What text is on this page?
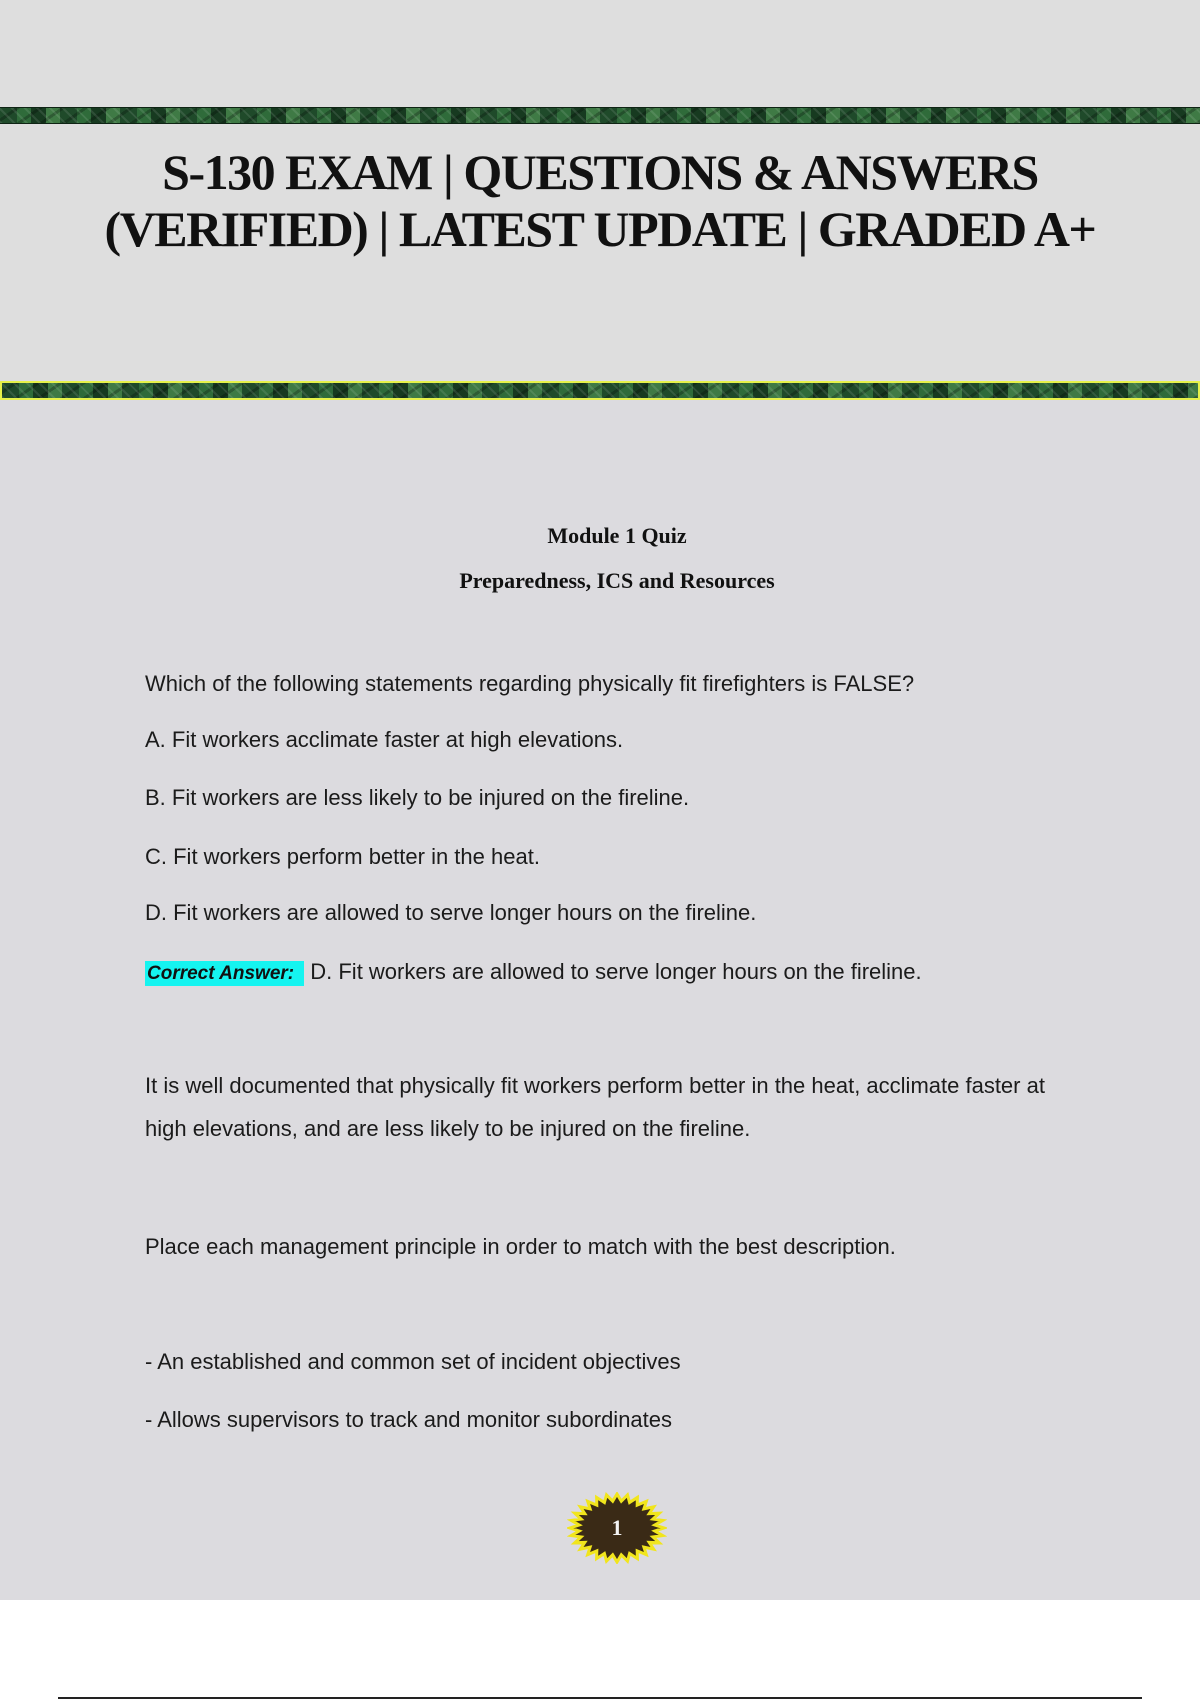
S-130 EXAM | QUESTIONS & ANSWERS (VERIFIED) | LATEST UPDATE | GRADED A+
Module 1 Quiz
Preparedness, ICS and Resources
Which of the following statements regarding physically fit firefighters is FALSE?
A. Fit workers acclimate faster at high elevations.
B. Fit workers are less likely to be injured on the fireline.
C. Fit workers perform better in the heat.
D. Fit workers are allowed to serve longer hours on the fireline.
Correct Answer: D. Fit workers are allowed to serve longer hours on the fireline.
It is well documented that physically fit workers perform better in the heat, acclimate faster at high elevations, and are less likely to be injured on the fireline.
Place each management principle in order to match with the best description.
- An established and common set of incident objectives
- Allows supervisors to track and monitor subordinates
1
